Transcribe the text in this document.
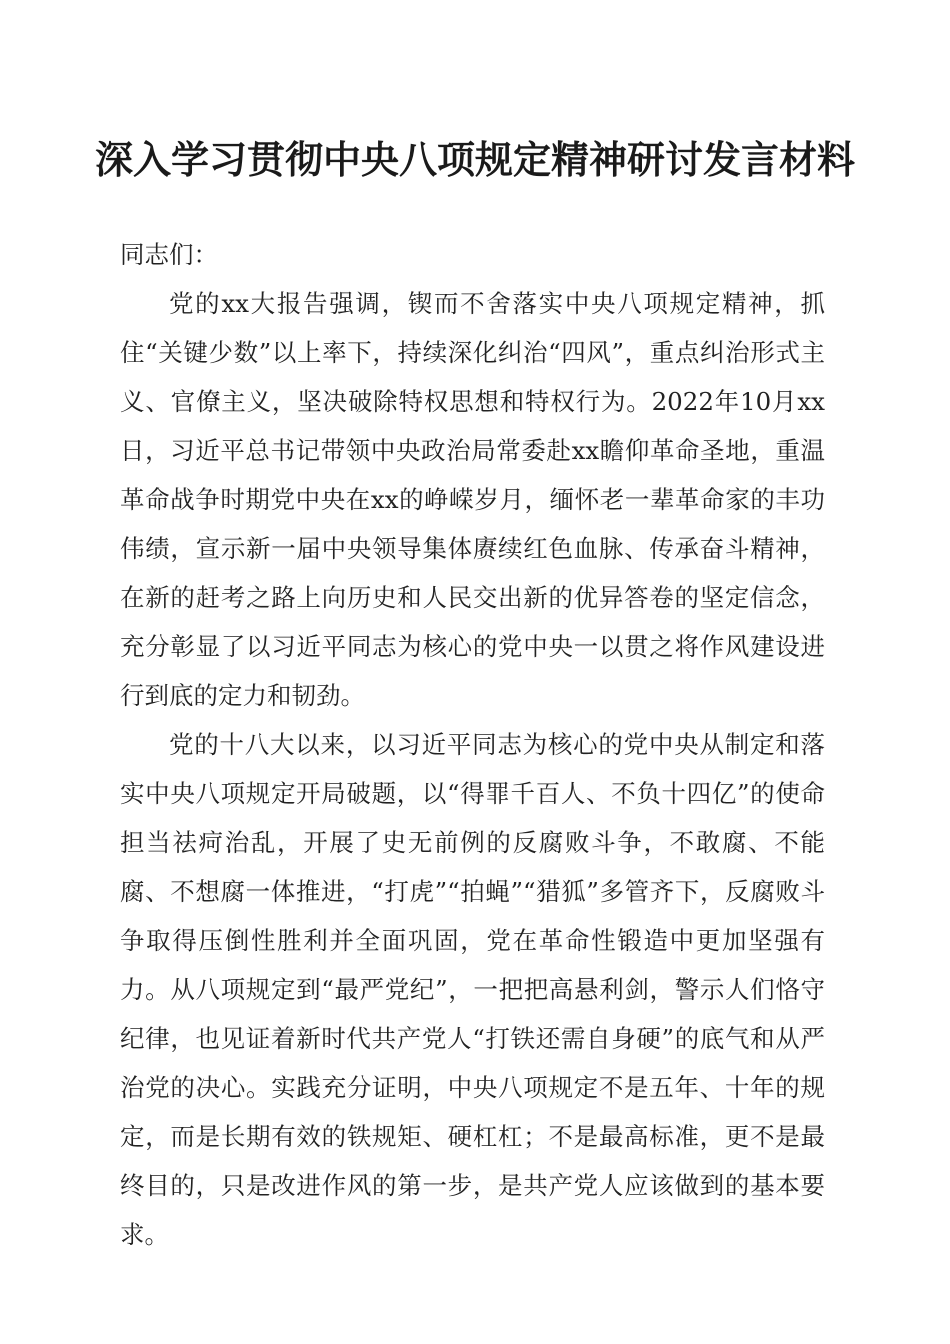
深入学习贯彻中央八项规定精神研讨发言材料

同志们：

党的xx大报告强调，锲而不舍落实中央八项规定精神，抓住“关键少数”以上率下，持续深化纠治“四风”，重点纠治形式主义、官僚主义，坚决破除特权思想和特权行为。2022年10月xx日，习近平总书记带领中央政治局常委赴xx瞻仰革命圣地，重温革命战争时期党中央在xx的峥嵘岁月，缅怀老一辈革命家的丰功伟绩，宣示新一届中央领导集体赓续红色血脉、传承奋斗精神，在新的赶考之路上向历史和人民交出新的优异答卷的坚定信念，充分彰显了以习近平同志为核心的党中央一以贯之将作风建设进行到底的定力和韧劲。

党的十八大以来，以习近平同志为核心的党中央从制定和落实中央八项规定开局破题，以“得罪千百人、不负十四亿”的使命担当祛疴治乱，开展了史无前例的反腐败斗争，不敢腐、不能腐、不想腐一体推进，“打虎”“拍蝇”“猎狐”多管齐下，反腐败斗争取得压倒性胜利并全面巩固，党在革命性锻造中更加坚强有力。从八项规定到“最严党纪”，一把把高悬利剑，警示人们恪守纪律，也见证着新时代共产党人“打铁还需自身硬”的底气和从严治党的决心。实践充分证明，中央八项规定不是五年、十年的规定，而是长期有效的铁规矩、硬杠杠；不是最高标准，更不是最终目的，只是改进作风的第一步，是共产党人应该做到的基本要求。
